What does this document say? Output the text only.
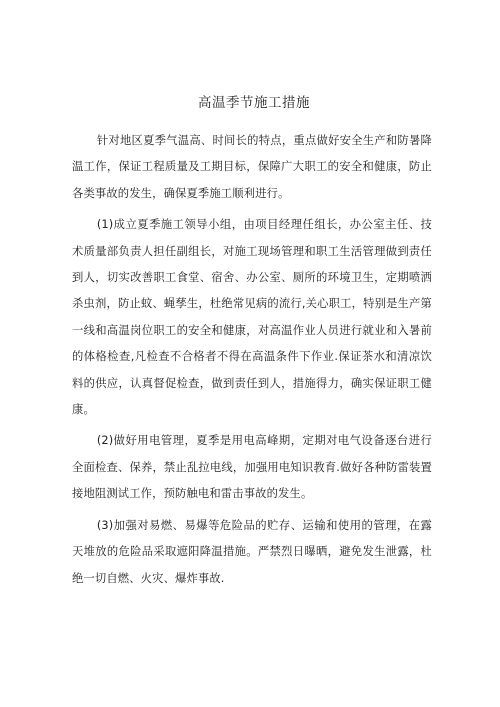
高温季节施工措施

针对地区夏季气温高、时间长的特点，重点做好安全生产和防暑降温工作，保证工程质量及工期目标，保障广大职工的安全和健康，防止各类事故的发生，确保夏季施工顺利进行。

(1)成立夏季施工领导小组，由项目经理任组长，办公室主任、技术质量部负责人担任副组长，对施工现场管理和职工生活管理做到责任到人，切实改善职工食堂、宿舍、办公室、厕所的环境卫生，定期喷洒杀虫剂，防止蚊、蝇孳生，杜绝常见病的流行,关心职工，特别是生产第一线和高温岗位职工的安全和健康，对高温作业人员进行就业和入暑前的体格检查,凡检查不合格者不得在高温条件下作业.保证茶水和清凉饮料的供应，认真督促检查，做到责任到人，措施得力，确实保证职工健康。

(2)做好用电管理，夏季是用电高峰期，定期对电气设备逐台进行全面检查、保养，禁止乱拉电线，加强用电知识教育.做好各种防雷装置接地阻测试工作，预防触电和雷击事故的发生。

(3)加强对易燃、易爆等危险品的贮存、运输和使用的管理，在露天堆放的危险品采取遮阳降温措施。严禁烈日曝晒，避免发生泄露，杜绝一切自燃、火灾、爆炸事故.
